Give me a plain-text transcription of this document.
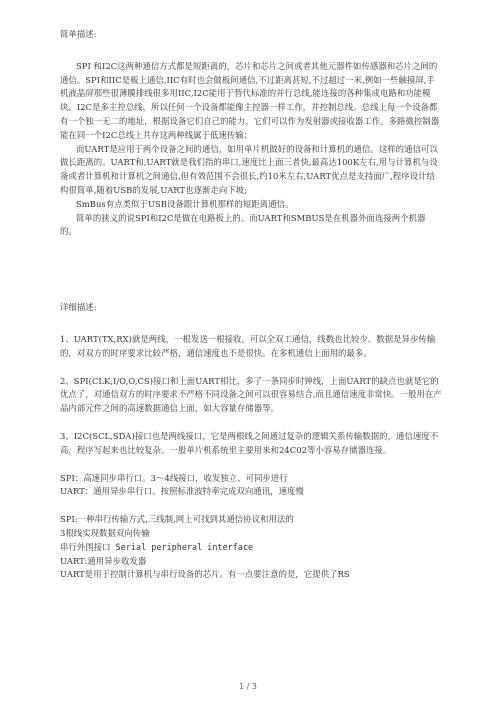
简单描述:

SPI 和I2C这两种通信方式都是短距离的，芯片和芯片之间或者其他元器件如传感器和芯片之间的通信。SPI和IIC是板上通信,IIC有时也会做板间通信,不过距离甚短,不过超过一米,例如一些触摸屏,手机液晶屏那些很薄膜排线很多用IIC,I2C能用于替代标准的并行总线,能连接的各种集成电路和功能模块。I2C是多主控总线，所以任何一个设备都能像主控器一样工作，并控制总线。总线上每一个设备都有一个独一无二的地址，根据设备它们自己的能力，它们可以作为发射器或接收器工作。多路微控制器能在同一个I2C总线上共存这两种线属于低速传输；

而UART是应用于两个设备之间的通信，如用单片机做好的设备和计算机的通信。这样的通信可以做长距离的。UART和,UART就是我们指的串口,速度比上面三者快,最高达100K左右,用与计算机与设备或者计算机和计算机之间通信,但有效范围不会很长,约10米左右,UART优点是支持面广,程序设计结构很简单,随着USB的发展,UART也逐渐走向下坡;

SmBus有点类似于USB设备跟计算机那样的短距离通信。

简单的狭义的说SPI和I2C是做在电路板上的。而UART和SMBUS是在机器外面连接两个机器的。

详细描述:

1、UART(TX,RX)就是两线，一根发送一根接收，可以全双工通信，线数也比较少。数据是异步传输的，对双方的时序要求比较严格，通信速度也不是很快。在多机通信上面用的最多。

2、SPI(CLK,I/O,O,CS)接口和上面UART相比，多了一条同步时钟线，上面UART的缺点也就是它的优点了，对通信双方的时序要求不严格不同设备之间可以很容易结合,而且通信速度非常快。一般用在产品内部元件之间的高速数据通信上面，如大容量存储器等。

3、I2C(SCL,SDA)接口也是两线接口，它是两根线之间通过复杂的逻辑关系传输数据的，通信速度不高，程序写起来也比较复杂。一般单片机系统里主要用来和24C02等小容易存储器连接。

SPI：高速同步串行口。3～4线接口，收发独立、可同步进行

UART：通用异步串行口。按照标准波特率完成双向通讯，速度慢

SPI:一种串行传输方式,三线制,网上可找到其通信协议和用法的

3根线实现数据双向传输

串行外围接口 Serial peripheral interface

UART:通用异步收发器

UART是用于控制计算机与串行设备的芯片。有一点要注意的是，它提供了RS

1 / 3
